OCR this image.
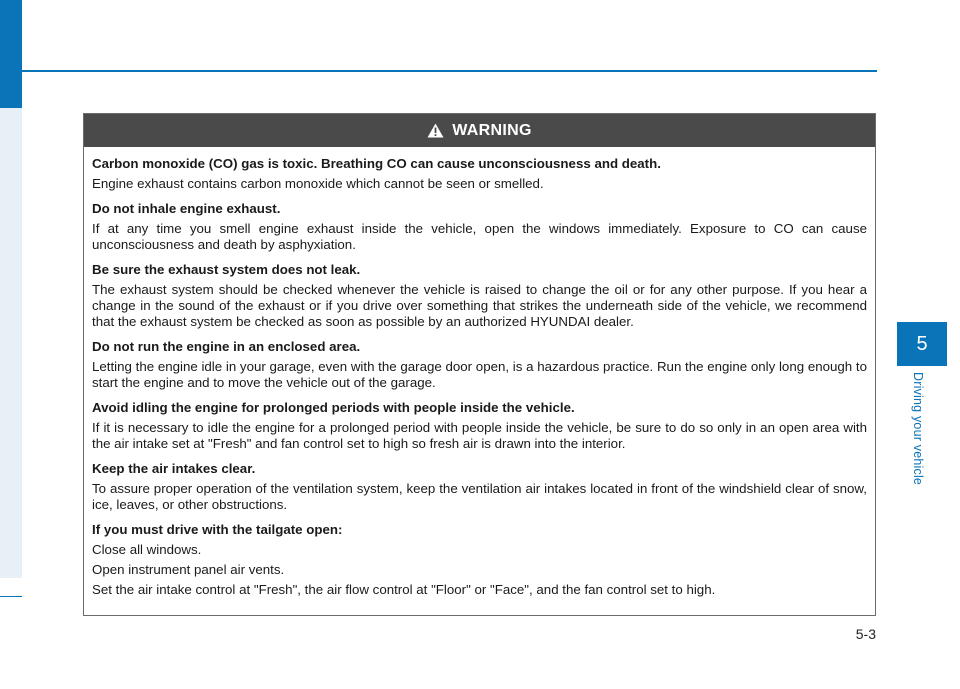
5
Driving your vehicle
WARNING

Carbon monoxide (CO) gas is toxic. Breathing CO can cause unconsciousness and death.

Engine exhaust contains carbon monoxide which cannot be seen or smelled.

Do not inhale engine exhaust.

If at any time you smell engine exhaust inside the vehicle, open the windows immediately. Exposure to CO can cause unconsciousness and death by asphyxiation.

Be sure the exhaust system does not leak.

The exhaust system should be checked whenever the vehicle is raised to change the oil or for any other purpose. If you hear a change in the sound of the exhaust or if you drive over something that strikes the underneath side of the vehicle, we recommend that the exhaust system be checked as soon as possible by an authorized HYUNDAI dealer.

Do not run the engine in an enclosed area.

Letting the engine idle in your garage, even with the garage door open, is a hazardous practice. Run the engine only long enough to start the engine and to move the vehicle out of the garage.

Avoid idling the engine for prolonged periods with people inside the vehicle.

If it is necessary to idle the engine for a prolonged period with people inside the vehicle, be sure to do so only in an open area with the air intake set at "Fresh" and fan control set to high so fresh air is drawn into the interior.

Keep the air intakes clear.

To assure proper operation of the ventilation system, keep the ventilation air intakes located in front of the windshield clear of snow, ice, leaves, or other obstructions.

If you must drive with the tailgate open:

Close all windows.

Open instrument panel air vents.

Set the air intake control at "Fresh", the air flow control at "Floor" or "Face", and the fan control set to high.

5-3
